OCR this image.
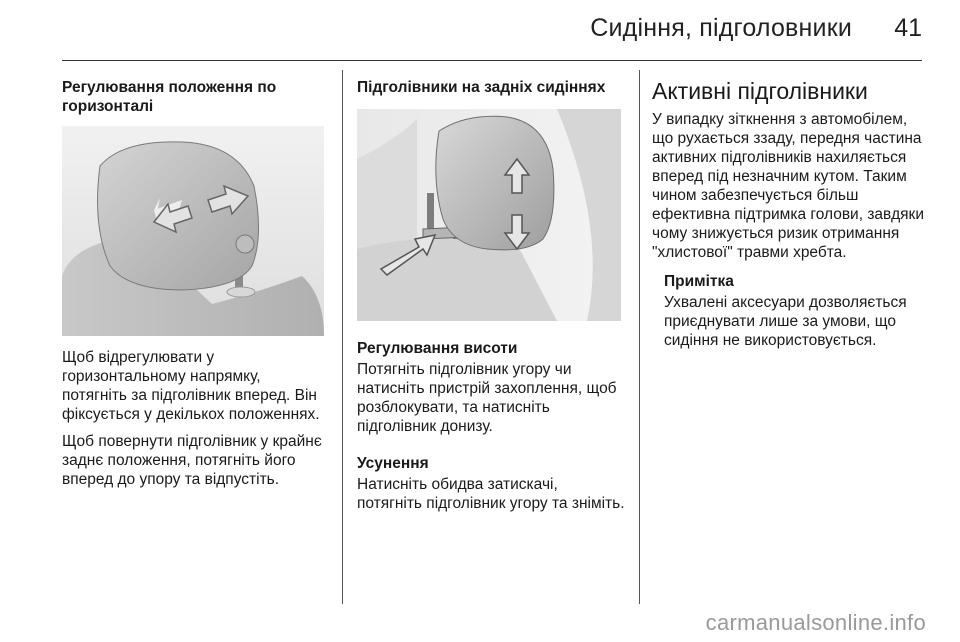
Сидіння, підголовники 41
Регулювання положення по горизонталі

Щоб відрегулювати у горизонтальному напрямку, потягніть за підголівник вперед. Він фіксується у декількох положеннях.

Щоб повернути підголівник у крайнє заднє положення, потягніть його вперед до упору та відпустіть.

Підголівники на задніх сидіннях
Регулювання висоти

Потягніть підголівник угору чи натисніть пристрій захоплення, щоб розблокувати, та натисніть підголівник донизу.

Усунення

Натисніть обидва затискачі, потягніть підголівник угору та зніміть.

Активні підголівники

У випадку зіткнення з автомобілем, що рухається ззаду, передня частина активних підголівників нахиляється вперед під незначним кутом. Таким чином забезпечується більш ефективна підтримка голови, завдяки чому знижується ризик отримання "хлистової" травми хребта.

Примітка

Ухвалені аксесуари дозволяється приєднувати лише за умови, що сидіння не використовується.

carmanualsonline.info
